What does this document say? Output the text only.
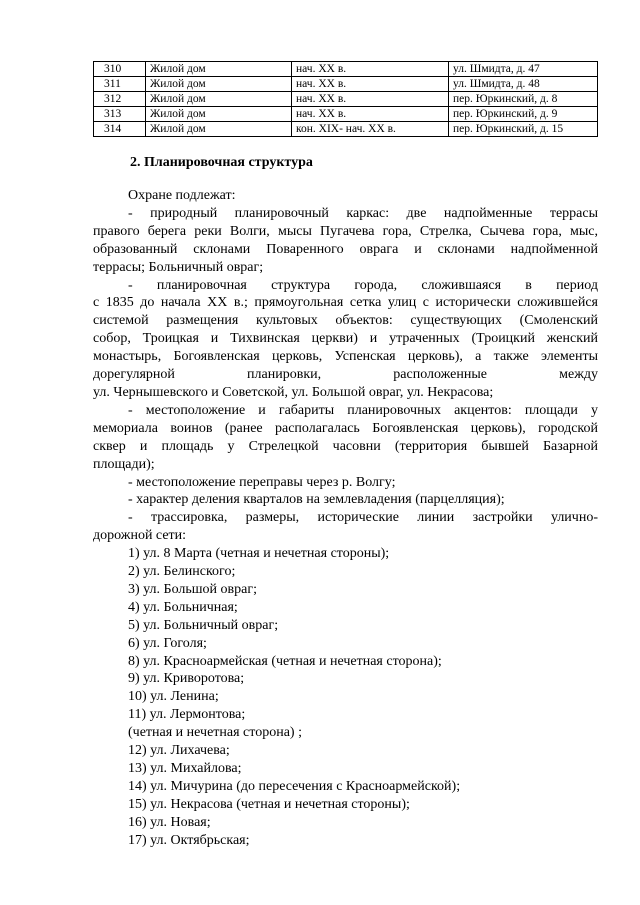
310	Жилой дом	нач. XX в.	ул. Шмидта, д. 47
311	Жилой дом	нач. XX в.	ул. Шмидта, д. 48
312	Жилой дом	нач. XX в.	пер. Юркинский, д. 8
313	Жилой дом	нач. XX в.	пер. Юркинский, д. 9
314	Жилой дом	кон. XIX- нач. XX в.	пер. Юркинский, д. 15
2. Планировочная структура

Охране подлежат:

- природный планировочный каркас: две надпойменные террасы

правого берега реки Волги, мысы Пугачева гора, Стрелка, Сычева гора, мыс,

образованный склонами Поваренного оврага и склонами надпойменной

террасы; Больничный овраг;

- планировочная структура города, сложившаяся в период

с 1835 до начала XX в.; прямоугольная сетка улиц с исторически сложившейся

системой размещения культовых объектов: существующих (Смоленский

собор, Троицкая и Тихвинская церкви) и утраченных (Троицкий женский

монастырь, Богоявленская церковь, Успенская церковь), а также элементы

дорегулярной планировки, расположенные между

ул. Чернышевского и Советской, ул. Большой овраг, ул. Некрасова;

- местоположение и габариты планировочных акцентов: площади у

мемориала воинов (ранее располагалась Богоявленская церковь), городской

сквер и площадь у Стрелецкой часовни (территория бывшей Базарной

площади);

- местоположение переправы через р. Волгу;

- характер деления кварталов на землевладения (парцелляция);

- трассировка, размеры, исторические линии застройки улично-

дорожной сети:

1) ул. 8 Марта (четная и нечетная стороны);

2) ул. Белинского;

3) ул. Большой овраг;

4) ул. Больничная;

5) ул. Больничный овраг;

6) ул. Гоголя;

8) ул. Красноармейская (четная и нечетная сторона);

9) ул. Криворотова;

10) ул. Ленина;

11) ул. Лермонтова;

(четная и нечетная сторона) ;

12) ул. Лихачева;

13) ул. Михайлова;

14) ул. Мичурина (до пересечения с Красноармейской);

15) ул. Некрасова (четная и нечетная стороны);

16) ул. Новая;

17) ул. Октябрьская;
